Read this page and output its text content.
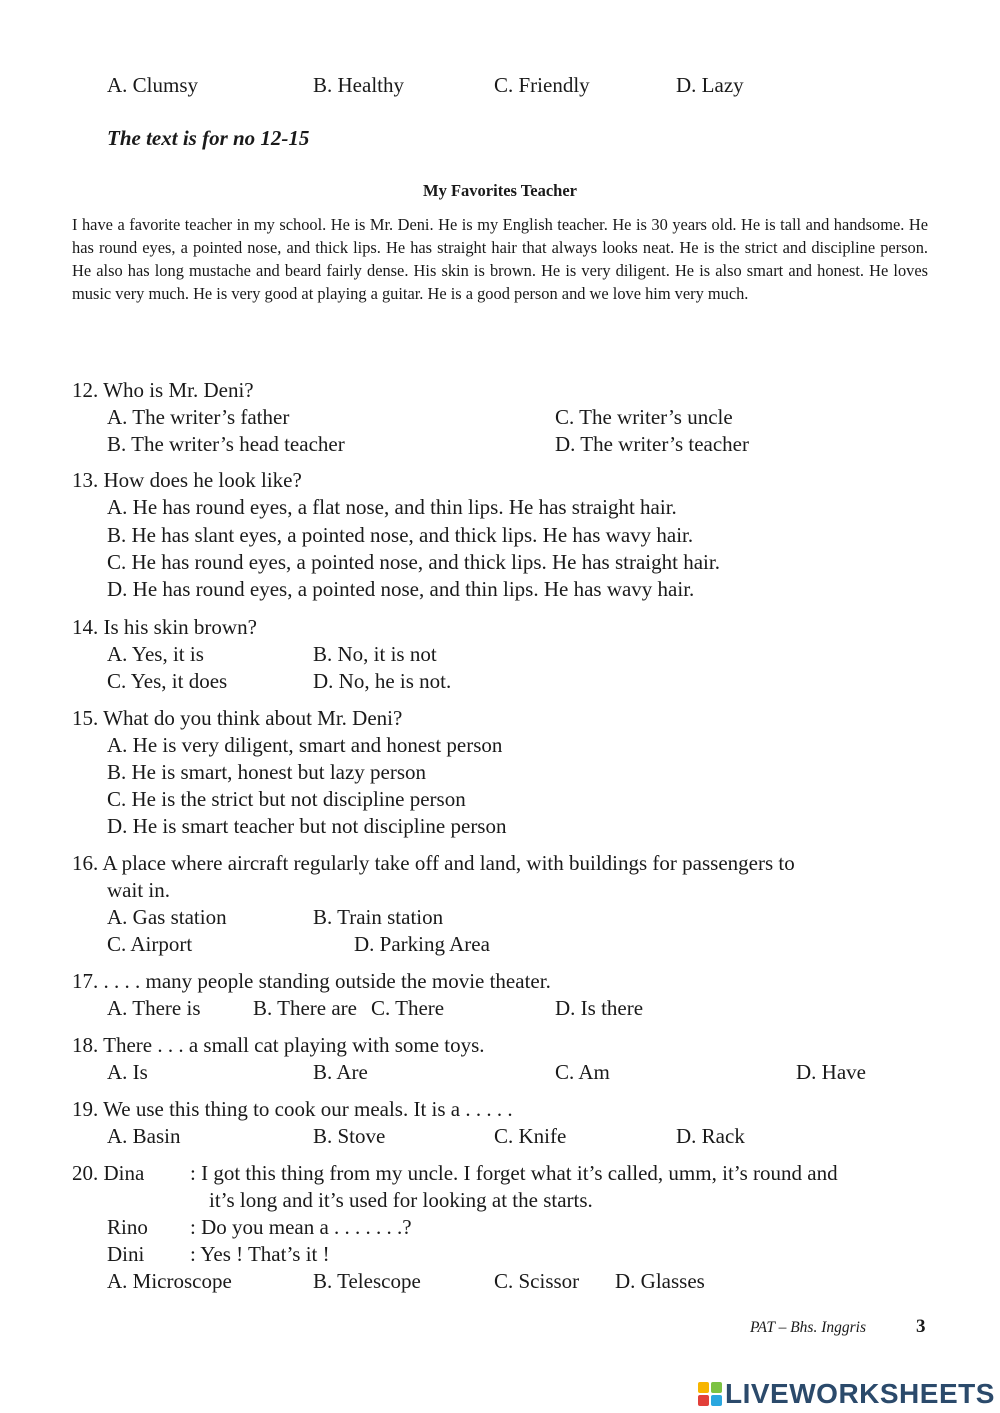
A. Clumsy	B. Healthy	C. Friendly	D. Lazy
The text is for no 12-15
My Favorites Teacher
I have a favorite teacher in my school. He is Mr. Deni. He is my English teacher. He is 30 years old. He is tall and handsome. He has round eyes, a pointed nose, and thick lips. He has straight hair that always looks neat. He is the strict and discipline person. He also has long mustache and beard fairly dense. His skin is brown. He is very diligent. He is also smart and honest. He loves music very much. He is very good at playing a guitar. He is a good person and we love him very much.
12. Who is Mr. Deni?
A. The writer’s father	C. The writer’s uncle
B. The writer’s head teacher	D. The writer’s teacher
13. How does he look like?
A. He has round eyes, a flat nose, and thin lips. He has straight hair.
B. He has slant eyes, a pointed nose, and thick lips. He has wavy hair.
C. He has round eyes, a pointed nose, and thick lips. He has straight hair.
D. He has round eyes, a pointed nose, and thin lips. He has wavy hair.
14. Is his skin brown?
A. Yes, it is	B. No, it is not
C. Yes, it does	D. No, he is not.
15. What do you think about Mr. Deni?
A. He is very diligent, smart and honest person
B. He is smart, honest but lazy person
C. He is the strict but not discipline person
D. He is smart teacher but not discipline person
16. A place where aircraft regularly take off and land, with buildings for passengers to
wait in.
A. Gas station	B. Train station
C. Airport	D. Parking Area
17. . . . . many people standing outside the movie theater.
A. There is B. There are C. There	D. Is there
18. There . . . a small cat playing with some toys.
A. Is	B. Are	C. Am	D. Have
19. We use this thing to cook our meals. It is a . . . . .
A. Basin	B. Stove	C. Knife	D. Rack
20. Dina : I got this thing from my uncle. I forget what it’s called, umm, it’s round and
it’s long and it’s used for looking at the starts.
Rino : Do you mean a . . . . . . .?
Dini : Yes ! That’s it !
A. Microscope	B. Telescope	C. Scissor D. Glasses
PAT – Bhs. Inggris	3
LIVEWORKSHEETS
